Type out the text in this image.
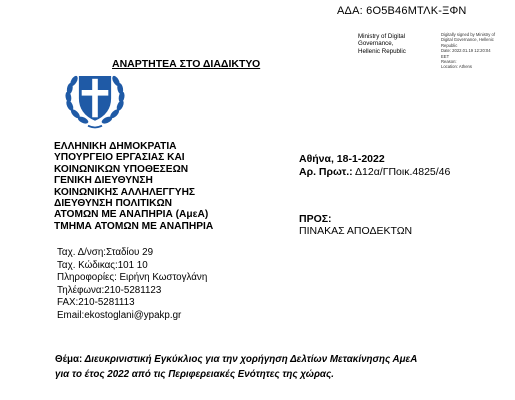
ΑΔΑ: 6Ο5Β46ΜΤΛΚ-ΞΦΝ
Ministry of Digital
Governance,
Hellenic Republic
Digitally signed by Ministry of
Digital Governance, Hellenic
Republic
Date: 2022.01.19 12:20:04
EET
Reason:
Location: Athens
ΑΝΑΡΤΗΤΕΑ ΣΤΟ ΔΙΑΔΙΚΤΥΟ
ΕΛΛΗΝΙΚΗ ΔΗΜΟΚΡΑΤΙΑ
ΥΠΟΥΡΓΕΙΟ ΕΡΓΑΣΙΑΣ ΚΑΙ
ΚΟΙΝΩΝΙΚΩΝ ΥΠΟΘΕΣΕΩΝ
ΓΕΝΙΚΗ ΔΙΕΥΘΥΝΣΗ
ΚΟΙΝΩΝΙΚΗΣ ΑΛΛΗΛΕΓΓΥΗΣ
ΔΙΕΥΘΥΝΣΗ ΠΟΛΙΤΙΚΩΝ
ΑΤΟΜΩΝ ΜΕ ΑΝΑΠΗΡΙΑ (ΑμεΑ)
ΤΜΗΜΑ ΑΤΟΜΩΝ ΜΕ ΑΝΑΠΗΡΙΑ
Αθήνα, 18-1-2022
Αρ. Πρωτ.: Δ12α/ΓΠοικ.4825/46
ΠΡΟΣ:
ΠΙΝΑΚΑΣ ΑΠΟΔΕΚΤΩΝ
Ταχ. Δ/νση:Σταδίου 29
Ταχ. Κώδικας:101 10
Πληροφορίες: Ειρήνη Κωστογλάνη
Τηλέφωνα:210-5281123
FAX:210-5281113
Email:ekostoglani@ypakp.gr
Θέμα: Διευκρινιστική Εγκύκλιος για την χορήγηση Δελτίων Μετακίνησης ΑμεΑ
για το έτος 2022 από τις Περιφερειακές Ενότητες της χώρας.
